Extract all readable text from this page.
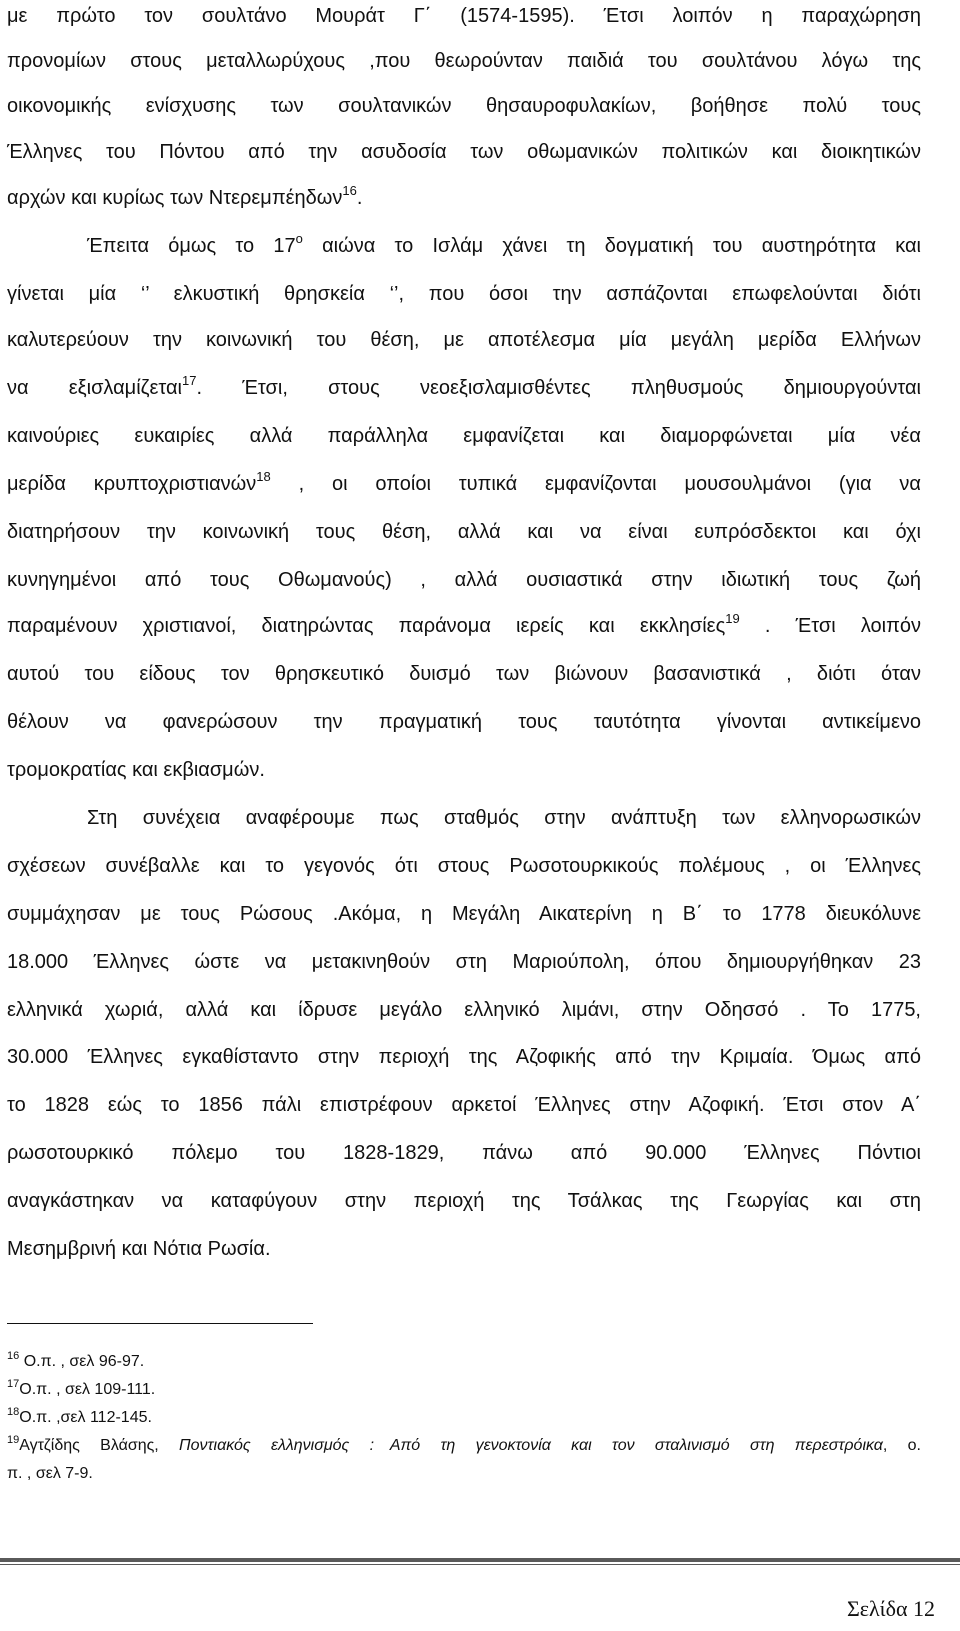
με πρώτο τον σουλτάνο Μουράτ Γ΄ (1574-1595). Έτσι λοιπόν η παραχώρηση
προνομίων στους μεταλλωρύχους ,που θεωρούνταν παιδιά του σουλτάνου λόγω της
οικονομικής ενίσχυσης των σουλτανικών θησαυροφυλακίων, βοήθησε πολύ τους
Έλληνες του Πόντου από την ασυδοσία των οθωμανικών πολιτικών και διοικητικών
αρχών και κυρίως των Ντερεμπέηδων$^{16}$.
Έπειτα όμως το $17^o$ αιώνα το Ισλάμ χάνει τη δογματική του αυστηρότητα και
γίνεται μία ‘’ ελκυστική θρησκεία ‘’, που όσοι την ασπάζονται επωφελούνται διότι
καλυτερεύουν την κοινωνική του θέση, με αποτέλεσμα μία μεγάλη μερίδα Ελλήνων
να εξισλαμίζεται$^{17}$. Έτσι, στους νεοεξισλαμισθέντες πληθυσμούς δημιουργούνται
καινούριες ευκαιρίες αλλά παράλληλα εμφανίζεται και διαμορφώνεται μία νέα
μερίδα κρυπτοχριστιανών$^{18}$ , οι οποίοι τυπικά εμφανίζονται μουσουλμάνοι (για να
διατηρήσουν την κοινωνική τους θέση, αλλά και να είναι ευπρόσδεκτοι και όχι
κυνηγημένοι από τους Οθωμανούς) , αλλά ουσιαστικά στην ιδιωτική τους ζωή
παραμένουν χριστιανοί, διατηρώντας παράνομα ιερείς και εκκλησίες$^{19}$ . Έτσι λοιπόν
αυτού του είδους τον θρησκευτικό δυισμό των βιώνουν βασανιστικά , διότι όταν
θέλουν να φανερώσουν την πραγματική τους ταυτότητα γίνονται αντικείμενο
τρομοκρατίας και εκβιασμών.
Στη συνέχεια αναφέρουμε πως σταθμός στην ανάπτυξη των ελληνορωσικών
σχέσεων συνέβαλλε και το γεγονός ότι στους Ρωσοτουρκικούς πολέμους , οι Έλληνες
συμμάχησαν με τους Ρώσους .Ακόμα, η Μεγάλη Αικατερίνη η Β΄ το 1778 διευκόλυνε
18.000 Έλληνες ώστε να μετακινηθούν στη Μαριούπολη, όπου δημιουργήθηκαν 23
ελληνικά χωριά, αλλά και ίδρυσε μεγάλο ελληνικό λιμάνι, στην Οδησσό . Το 1775,
30.000 Έλληνες εγκαθίσταντο στην περιοχή της Αζοφικής από την Κριμαία. Όμως από
το 1828 εώς το 1856 πάλι επιστρέφουν αρκετοί Έλληνες στην Αζοφική. Έτσι στον Α΄
ρωσοτουρκικό πόλεμο του 1828-1829, πάνω από 90.000 Έλληνες Πόντιοι
αναγκάστηκαν να καταφύγουν στην περιοχή της Τσάλκας της Γεωργίας και στη
Μεσημβρινή και Νότια Ρωσία.
$^{16}$ Ο.π. , σελ 96-97.
$^{17}$Ο.π. , σελ 109-111.
$^{18}$Ο.π. ,σελ 112-145.
$^{19}$Αγτζίδης Βλάσης, Ποντιακός ελληνισμός Από τη γενοκτονία και τον σταλινισμό στη περεστρόικα, ο.
π. , σελ 7-9.
Σελίδα 12
